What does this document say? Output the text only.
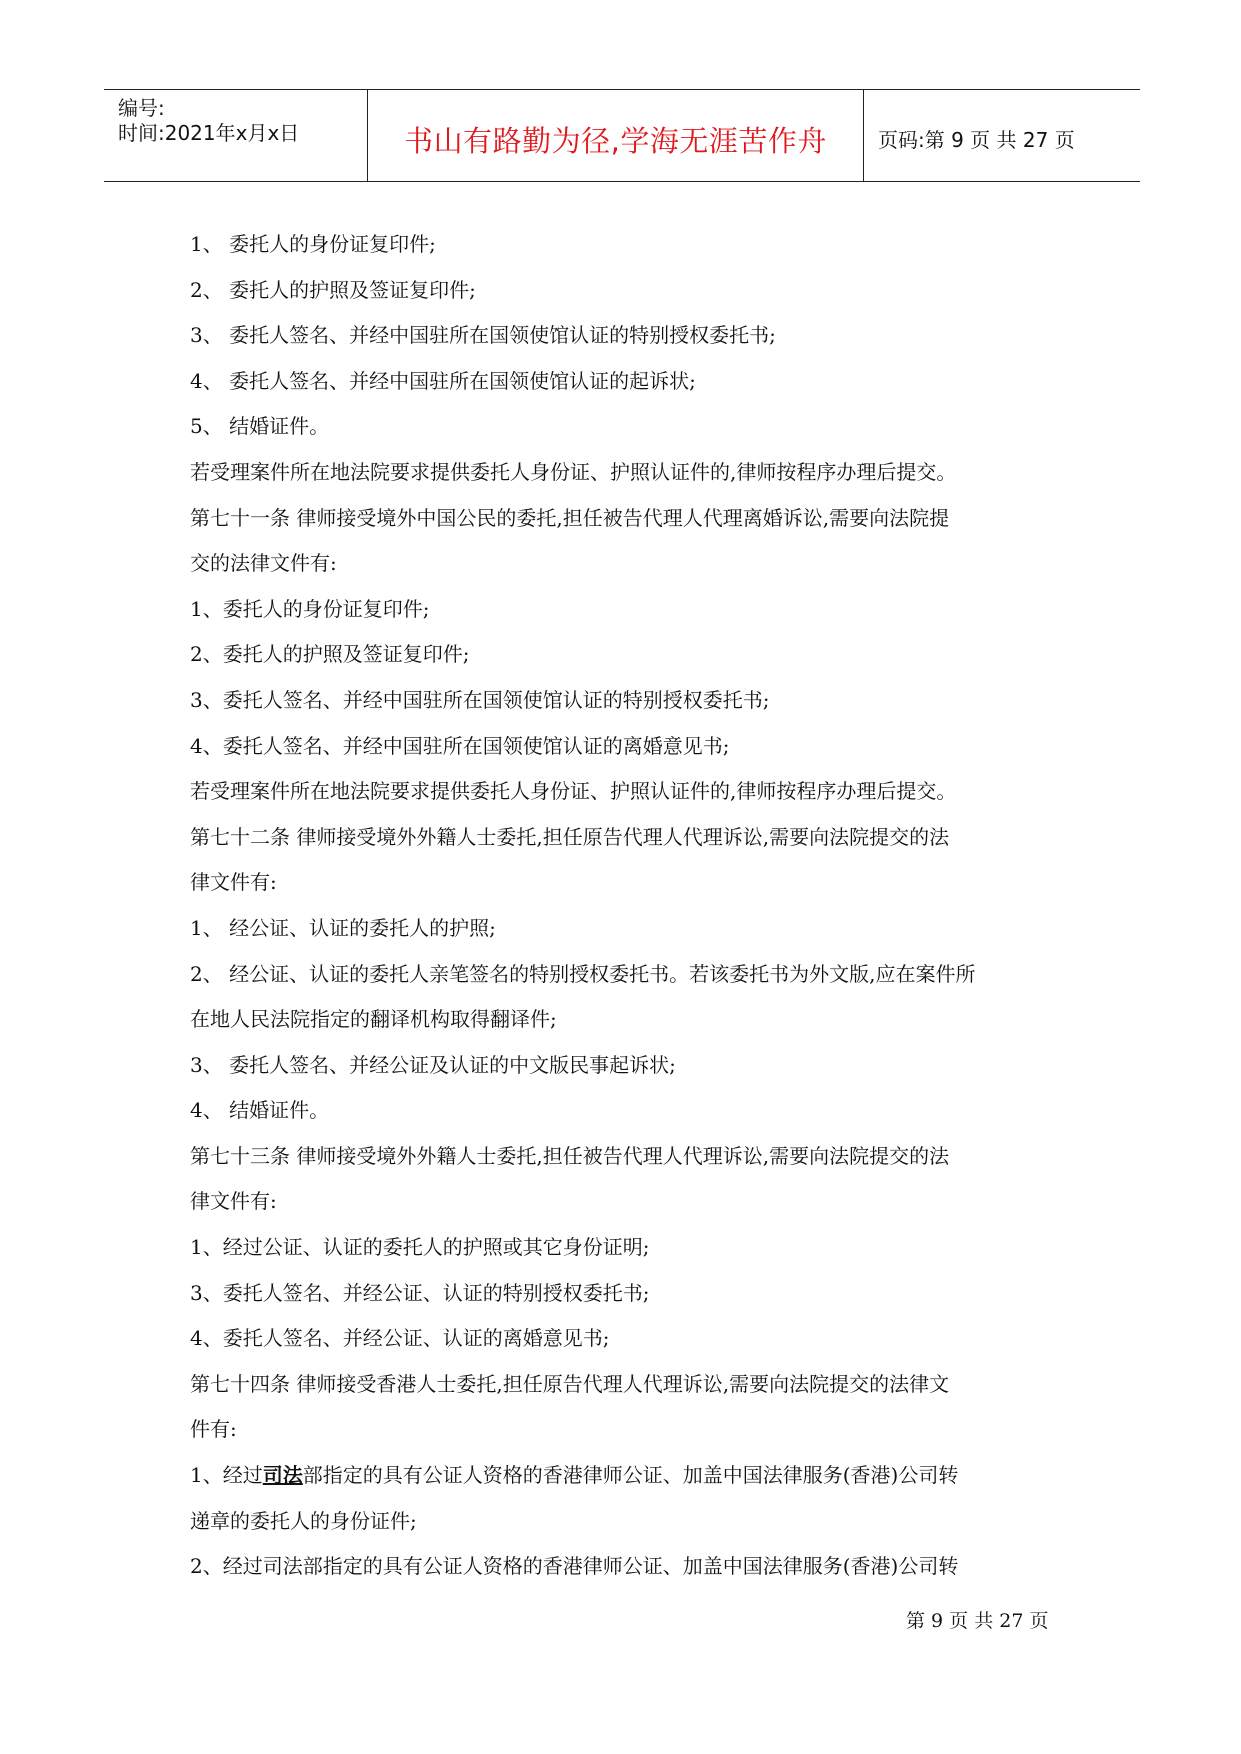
编号:
时间:2021年x月x日	书山有路勤为径,学海无涯苦作舟	页码:第 9 页 共 27 页
1、 委托人的身份证复印件;
2、 委托人的护照及签证复印件;
3、 委托人签名、并经中国驻所在国领使馆认证的特别授权委托书;
4、 委托人签名、并经中国驻所在国领使馆认证的起诉状;
5、 结婚证件。
若受理案件所在地法院要求提供委托人身份证、护照认证件的,律师按程序办理后提交。
第七十一条 律师接受境外中国公民的委托,担任被告代理人代理离婚诉讼,需要向法院提
交的法律文件有:
1、委托人的身份证复印件;
2、委托人的护照及签证复印件;
3、委托人签名、并经中国驻所在国领使馆认证的特别授权委托书;
4、委托人签名、并经中国驻所在国领使馆认证的离婚意见书;
若受理案件所在地法院要求提供委托人身份证、护照认证件的,律师按程序办理后提交。
第七十二条 律师接受境外外籍人士委托,担任原告代理人代理诉讼,需要向法院提交的法
律文件有:
1、 经公证、认证的委托人的护照;
2、 经公证、认证的委托人亲笔签名的特别授权委托书。若该委托书为外文版,应在案件所
在地人民法院指定的翻译机构取得翻译件;
3、 委托人签名、并经公证及认证的中文版民事起诉状;
4、 结婚证件。
第七十三条 律师接受境外外籍人士委托,担任被告代理人代理诉讼,需要向法院提交的法
律文件有:
1、经过公证、认证的委托人的护照或其它身份证明;
3、委托人签名、并经公证、认证的特别授权委托书;
4、委托人签名、并经公证、认证的离婚意见书;
第七十四条 律师接受香港人士委托,担任原告代理人代理诉讼,需要向法院提交的法律文
件有:
1、经过司法部指定的具有公证人资格的香港律师公证、加盖中国法律服务(香港)公司转
递章的委托人的身份证件;
2、经过司法部指定的具有公证人资格的香港律师公证、加盖中国法律服务(香港)公司转
第 9 页 共 27 页
